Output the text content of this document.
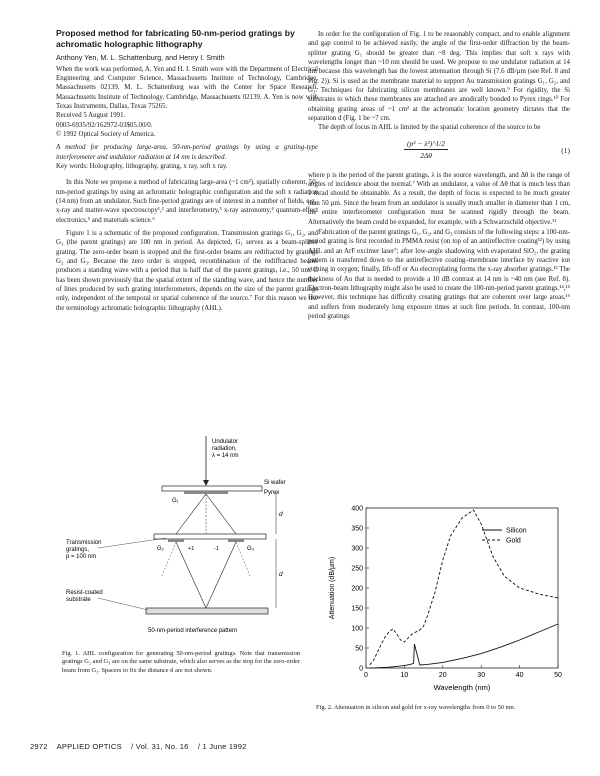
Proposed method for fabricating 50-nm-period gratings by achromatic holographic lithography
Anthony Yen, M. L. Schattenburg, and Henry I. Smith

When the work was performed, A. Yen and H. I. Smith were with the Department of Electrical Engineering and Computer Science, Massachusetts Institute of Technology, Cambridge, Massachusetts 02139. M. L. Schattenburg was with the Center for Space Research, Massachusetts Institute of Technology, Cambridge, Massachusetts 02139. A. Yen is now with Texas Instruments, Dallas, Texas 75265.

Received 5 August 1991.

0003-6935/92/162972-03$05.00/0.

© 1992 Optical Society of America.

A method for producing large-area, 50-nm-period gratings by using a grating-type interferometer and undulator radiation at 14 nm is described.

Key words: Holography, lithography, grating, x ray, soft x ray.

In this Note we propose a method of fabricating large-area (~1 cm²), spatially coherent, 50-nm-period gratings by using an achromatic holographic configuration and the soft x radiation (14 nm) from an undulator. Such fine-period gratings are of interest in a number of fields, e.g., x-ray and matter-wave spectroscopy¹,² and interferometry,³ x-ray astronomy,⁴ quantum-effect electronics,⁵ and materials science.⁶

Figure 1 is a schematic of the proposed configuration. Transmission gratings G₁, G₂, and G₃ (the parent gratings) are 100 nm in period. As depicted, G₁ serves as a beam-splitter grating. The zero-order beam is stopped and the first-order beams are redifracted by gratings G₂ and G₃. Because the zero order is stopped, recombination of the rediffracted beams produces a standing wave with a period that is half that of the parent gratings, i.e., 50 nm. It has been shown previously that the spatial extent of the standing wave, and hence the number of lines produced by such grating interferometers, depends on the size of the parent gratings only, independent of the temporal or spatial coherence of the source.⁷ For this reason we use the terminology achromatic holographic lithography (AHL).

Undulator
radiation,
λ = 14 nm
Si wafer
Pyrex
G₁
G₂	G₃
+1	-1
d
d
Transmission
gratings,
p = 100 nm
Resist-coated
substrate
50-nm-period interference pattern
Fig. 1. AHL configuration for generating 50-nm-period gratings. Note that transmission gratings G₂ and G₃ are on the same substrate, which also serves as the stop for the zero-order beam from G₁. Spacers to fix the distance d are not shown.

In order for the configuration of Fig. 1 to be reasonably compact, and to enable alignment and gap control to be achieved easily, the angle of the first-order diffraction by the beam-splitter grating G₁ should be greater than ~8 deg. This implies that soft x rays with wavelengths longer than ~10 nm should be used. We propose to use undulator radiation at 14 nm because this wavelength has the lowest attenuation through Si (7.6 dB/µm (see Ref. 8 and Fig. 2)). Si is used as the membrane material to support Au transmission gratings G₁, G₂, and G₃. Techniques for fabricating silicon membranes are well known.⁹ For rigidity, the Si substrates to which these membranes are attached are anodically bonded to Pyrex rings.¹⁰ For obtaining grating areas of ~1 cm² at the achromatic location geometry dictates that the separation d (Fig. 1 be ~7 cm.

The depth of focus in AHL is limited by the spatial coherence of the source to be

(p² − λ²)^1/2
2Δθ
(1)

where p is the period of the parent gratings, λ is the source wavelength, and Δθ is the range of angles of incidence about the normal.⁷ With an undulator, a value of Δθ that is much less than 1 mrad should be obtainable. As a result, the depth of focus is expected to be much greater than 50 µm. Since the beam from an undulator is usually much smaller in diameter than 1 cm, the entire interferometer configuration must be scanned rigidly through the beam. Alternatively the beam could be expanded, for example, with a Schwarzschild objective.¹¹

Fabrication of the parent gratings G₁, G₂, and G₃ consists of the following steps: a 100-nm-period grating is first recorded in PMMA resist (on top of an antireflective coating¹²) by using AHL and an ArF excimer laser⁷; after low-angle shadowing with evaporated SiO₂, the grating pattern is transferred down to the antireflective coating–membrane interface by reactive ion etching in oxygen; finally, lift-off or Au electroplating forms the x-ray absorber gratings.¹³ The thickness of Au that is needed to provide a 10 dB contrast at 14 nm is ~40 nm (see Ref. 8). Electron-beam lithography might also be used to create the 100-nm-period parent gratings.¹⁴,¹⁵ However, this technique has difficulty creating gratings that are coherent over large areas,¹⁶ and suffers from moderately long exposure times at such fine periods. In contrast, 100-nm period gratings

0	10	20	30	40	50
0
50
100
150
200
250
300
350
400
Silicon
Gold
Wavelength (nm)
Attenuation (dB/µm)
Fig. 2. Attenuation in silicon and gold for x-ray wavelengths from 0 to 50 nm.
2972 APPLIED OPTICS / Vol. 31, No. 16 / 1 June 1992
